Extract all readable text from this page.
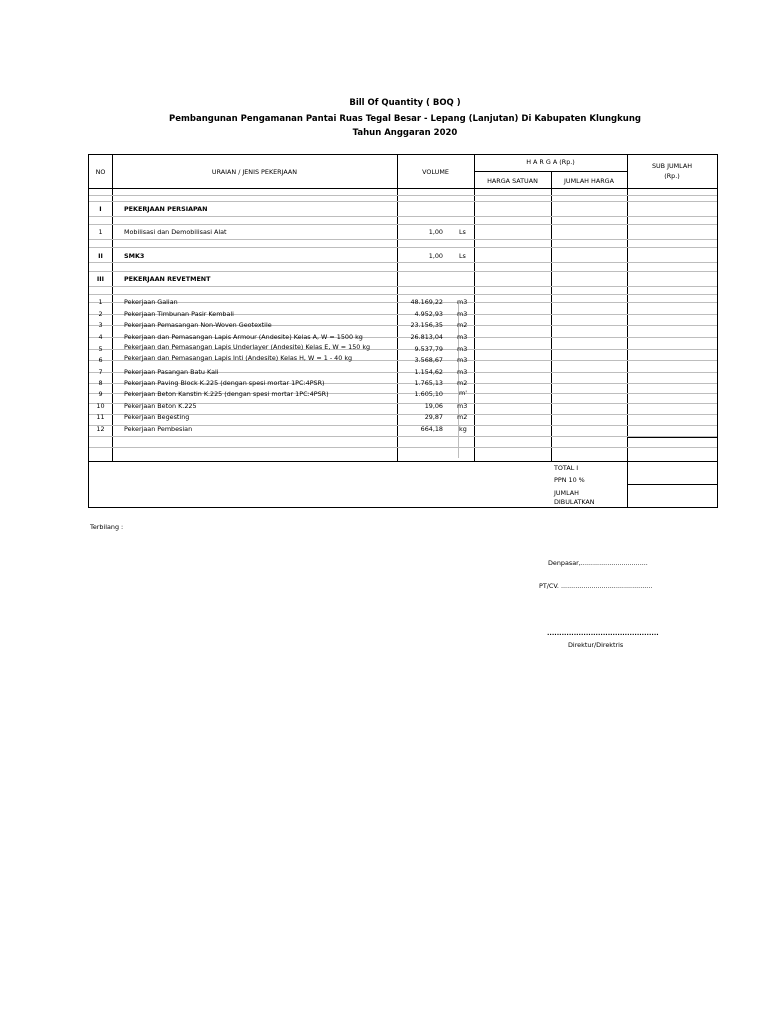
Bill Of Quantity ( BOQ )
Pembangunan Pengamanan Pantai Ruas Tegal Besar - Lepang (Lanjutan) Di Kabupaten Klungkung
Tahun Anggaran 2020
NO	URAIAN / JENIS PEKERJAAN	VOLUME
H A R G A (Rp.)
HARGA SATUAN	JUMLAH HARGA
SUB JUMLAH
(Rp.)
I	PEKERJAAN PERSIAPAN
1	Mobilisasi dan Demobilisasi Alat	1,00	Ls
II	SMK3	1,00	Ls
III	PEKERJAAN REVETMENT
1	Pekerjaan Galian	48.169,22 m3
2	Pekerjaan Timbunan Pasir Kembali	4.952,93 m3
3	Pekerjaan Pemasangan Non-Woven Geotextile	23.156,35 m2
4	Pekerjaan dan Pemasangan Lapis Armour (Andesite) Kelas A, W = 1500 kg	26.813,04 m3
5	Pekerjaan dan Pemasangan Lapis Underlayer (Andesite) Kelas E, W = 150 kg	9.537,79 m3
6	Pekerjaan dan Pemasangan Lapis Inti (Andesite) Kelas H, W = 1 - 40 kg	3.568,67 m3
7	Pekerjaan Pasangan Batu Kali	1.154,62 m3
8	Pekerjaan Paving Block K.225 (dengan spesi mortar 1PC:4PSR)	1.765,13 m2
9	Pekerjaan Beton Kanstin K.225 (dengan spesi mortar 1PC:4PSR)	1.605,10	m'
10	Pekerjaan Beton K.225	19,06 m3
11	Pekerjaan Begesting	29,87 m2
12	Pekerjaan Pembesian	664,18	kg
TOTAL I
PPN 10 %
JUMLAH
DIBULATKAN
Terbilang :
Denpasar,.................................
PT/CV. .............................................
..............................................
Direktur/Direktris
